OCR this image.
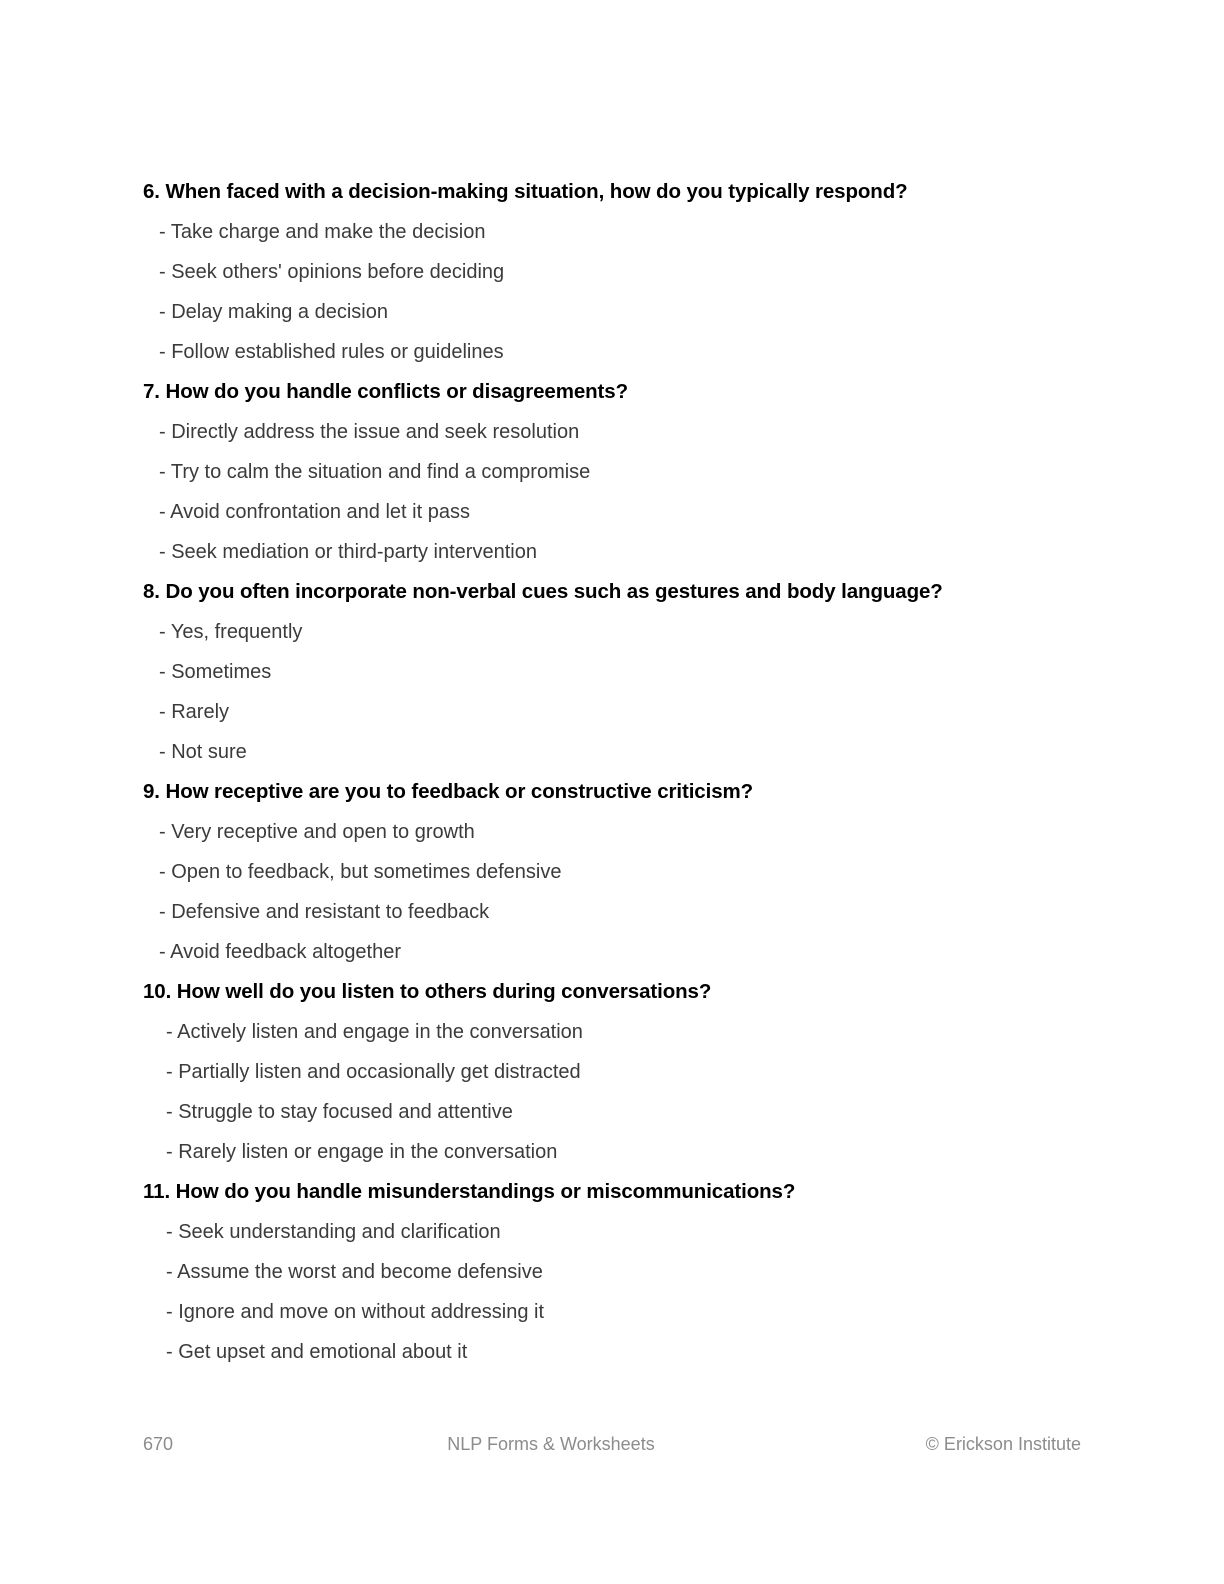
6. When faced with a decision-making situation, how do you typically respond?
- Take charge and make the decision
- Seek others' opinions before deciding
- Delay making a decision
- Follow established rules or guidelines
7. How do you handle conflicts or disagreements?
- Directly address the issue and seek resolution
- Try to calm the situation and find a compromise
- Avoid confrontation and let it pass
- Seek mediation or third-party intervention
8. Do you often incorporate non-verbal cues such as gestures and body language?
- Yes, frequently
- Sometimes
- Rarely
- Not sure
9. How receptive are you to feedback or constructive criticism?
- Very receptive and open to growth
- Open to feedback, but sometimes defensive
- Defensive and resistant to feedback
- Avoid feedback altogether
10. How well do you listen to others during conversations?
- Actively listen and engage in the conversation
- Partially listen and occasionally get distracted
- Struggle to stay focused and attentive
- Rarely listen or engage in the conversation
11. How do you handle misunderstandings or miscommunications?
- Seek understanding and clarification
- Assume the worst and become defensive
- Ignore and move on without addressing it
- Get upset and emotional about it
670	NLP Forms & Worksheets	© Erickson Institute
